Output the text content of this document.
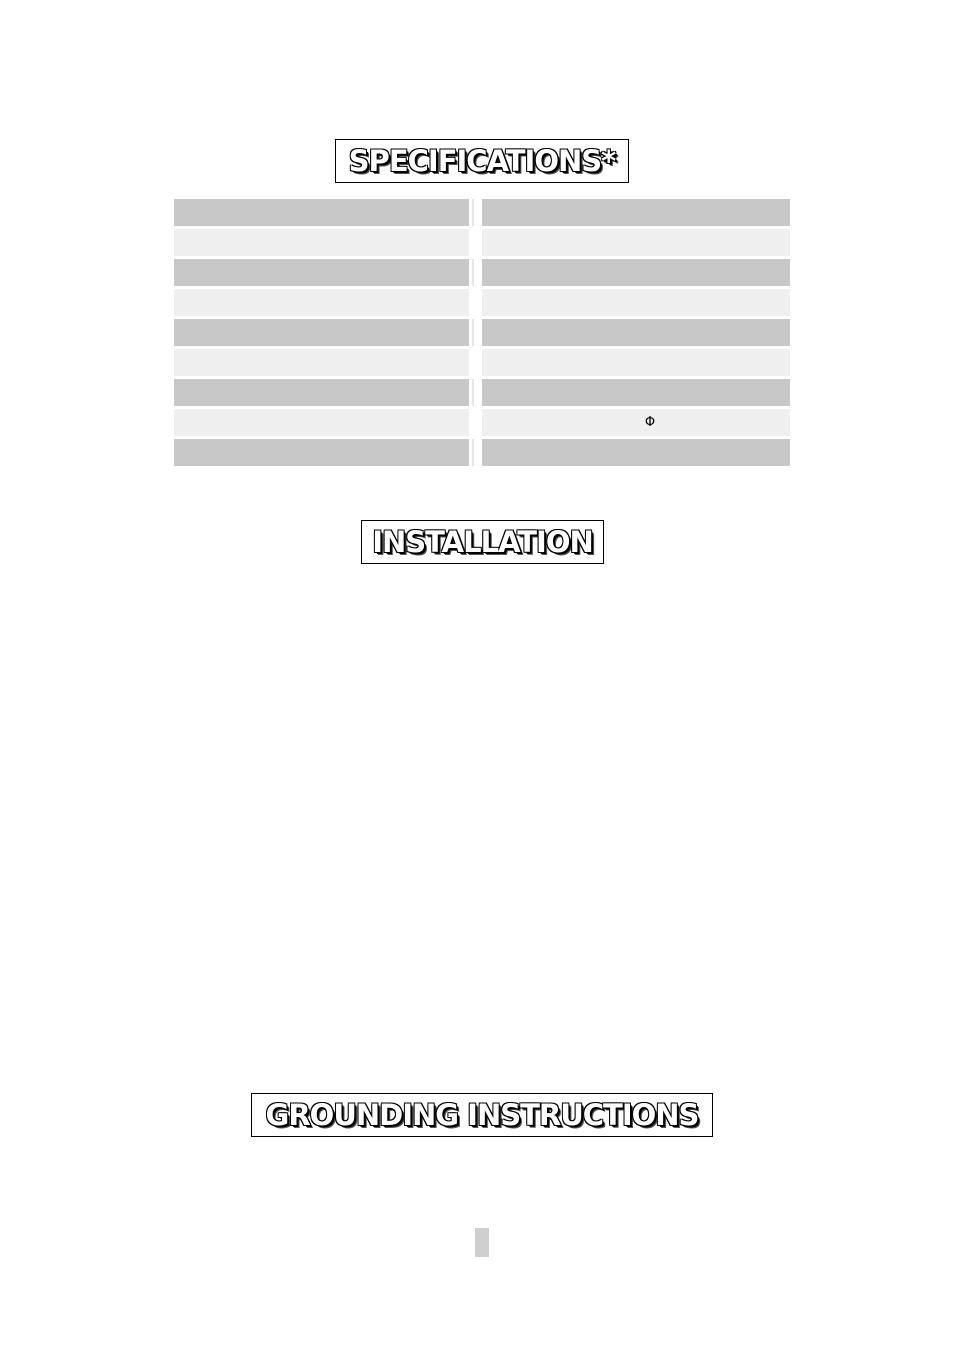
SPECIFICATIONS*
Φ
INSTALLATION
GROUNDING INSTRUCTIONS
